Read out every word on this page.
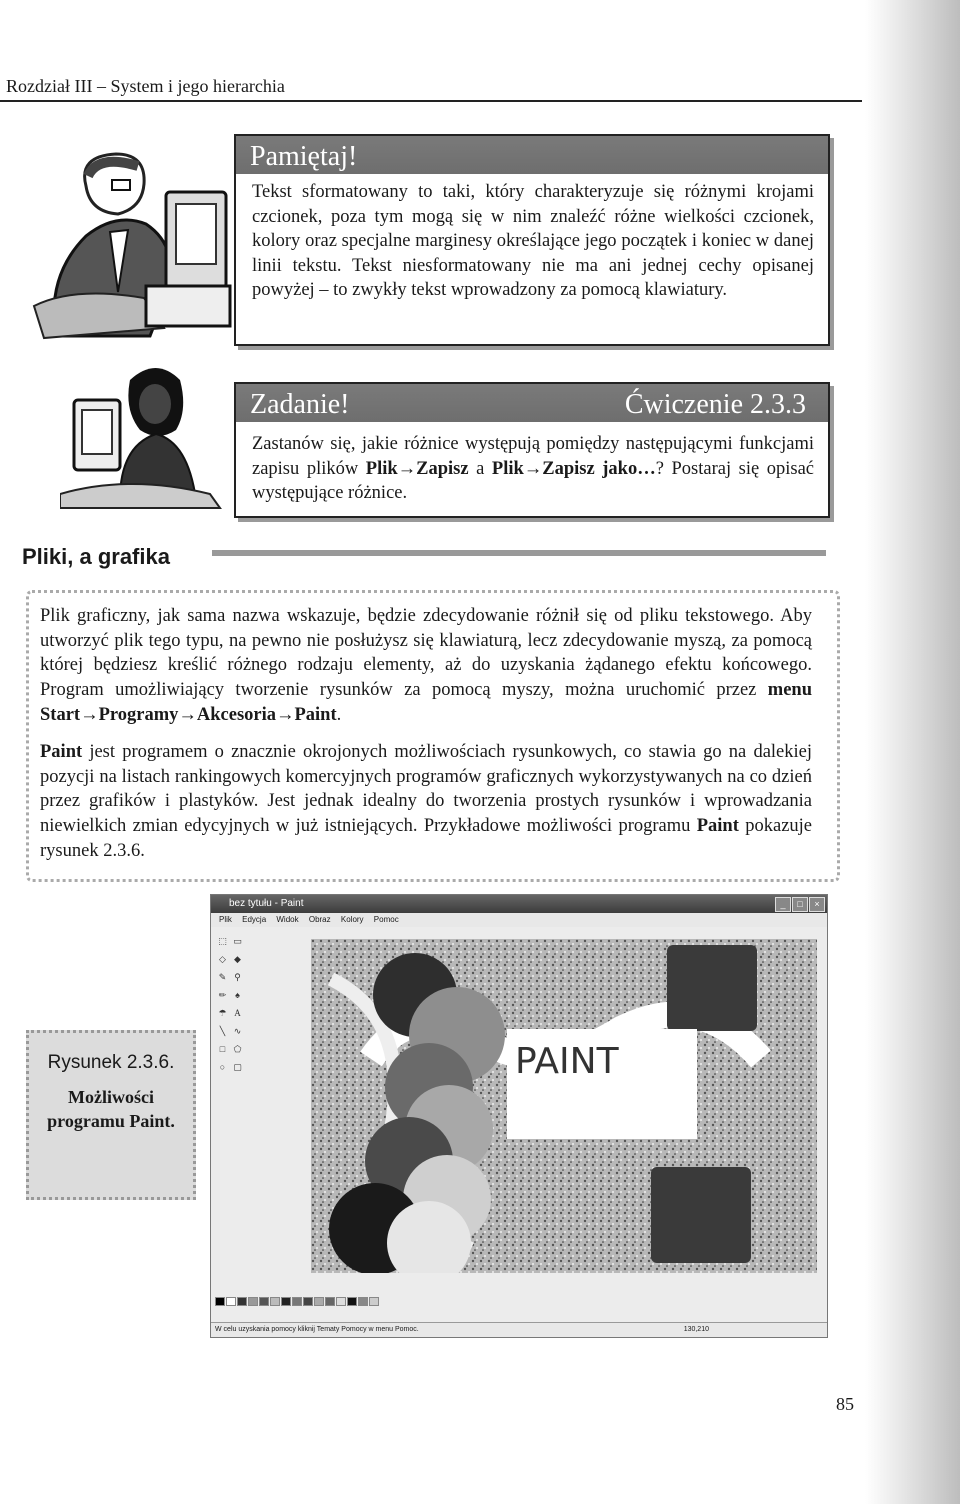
Rozdział III – System i jego hierarchia
Pamiętaj!
Tekst sformatowany to taki, który charakteryzuje się różnymi krojami czcionek, poza tym mogą się w nim znaleźć różne wielkości czcionek, kolory oraz specjalne marginesy określające jego początek i koniec w danej linii tekstu. Tekst niesformatowany nie ma ani jednej cechy opisanej powyżej – to zwykły tekst wprowadzony za pomocą klawiatury.
Zadanie!	Ćwiczenie 2.3.3
Zastanów się, jakie różnice występują pomiędzy następującymi funkcjami zapisu plików Plik→Zapisz a Plik→Zapisz jako…? Postaraj się opisać występujące różnice.
Pliki, a grafika
Plik graficzny, jak sama nazwa wskazuje, będzie zdecydowanie różnił się od pliku tekstowego. Aby utworzyć plik tego typu, na pewno nie posłużysz się klawiaturą, lecz zdecydowanie myszą, za pomocą której będziesz kreślić różnego rodzaju elementy, aż do uzyskania żądanego efektu końcowego. Program umożliwiający tworzenie rysunków za pomocą myszy, można uruchomić przez menu Start→Programy→Akcesoria→Paint.
Paint jest programem o znacznie okrojonych możliwościach rysunkowych, co stawia go na dalekiej pozycji na listach rankingowych komercyjnych programów graficznych wykorzystywanych na co dzień przez grafików i plastyków. Jest jednak idealny do tworzenia prostych rysunków i wprowadzania niewielkich zmian edycyjnych w już istniejących. Przykładowe możliwości programu Paint pokazuje rysunek 2.3.6.
Rysunek 2.3.6.
Możliwości programu Paint.
bez tytułu - Paint	_	□	×
Plik Edycja Widok Obraz Kolory Pomoc
⬚ ▭ ◇ ◆ ✎ ⚲ ✏ ♠ ☂ A ╲ ∿ □ ⬠ ○ ▢	PAINT
W celu uzyskania pomocy kliknij Tematy Pomocy w menu Pomoc.	130,210
85
